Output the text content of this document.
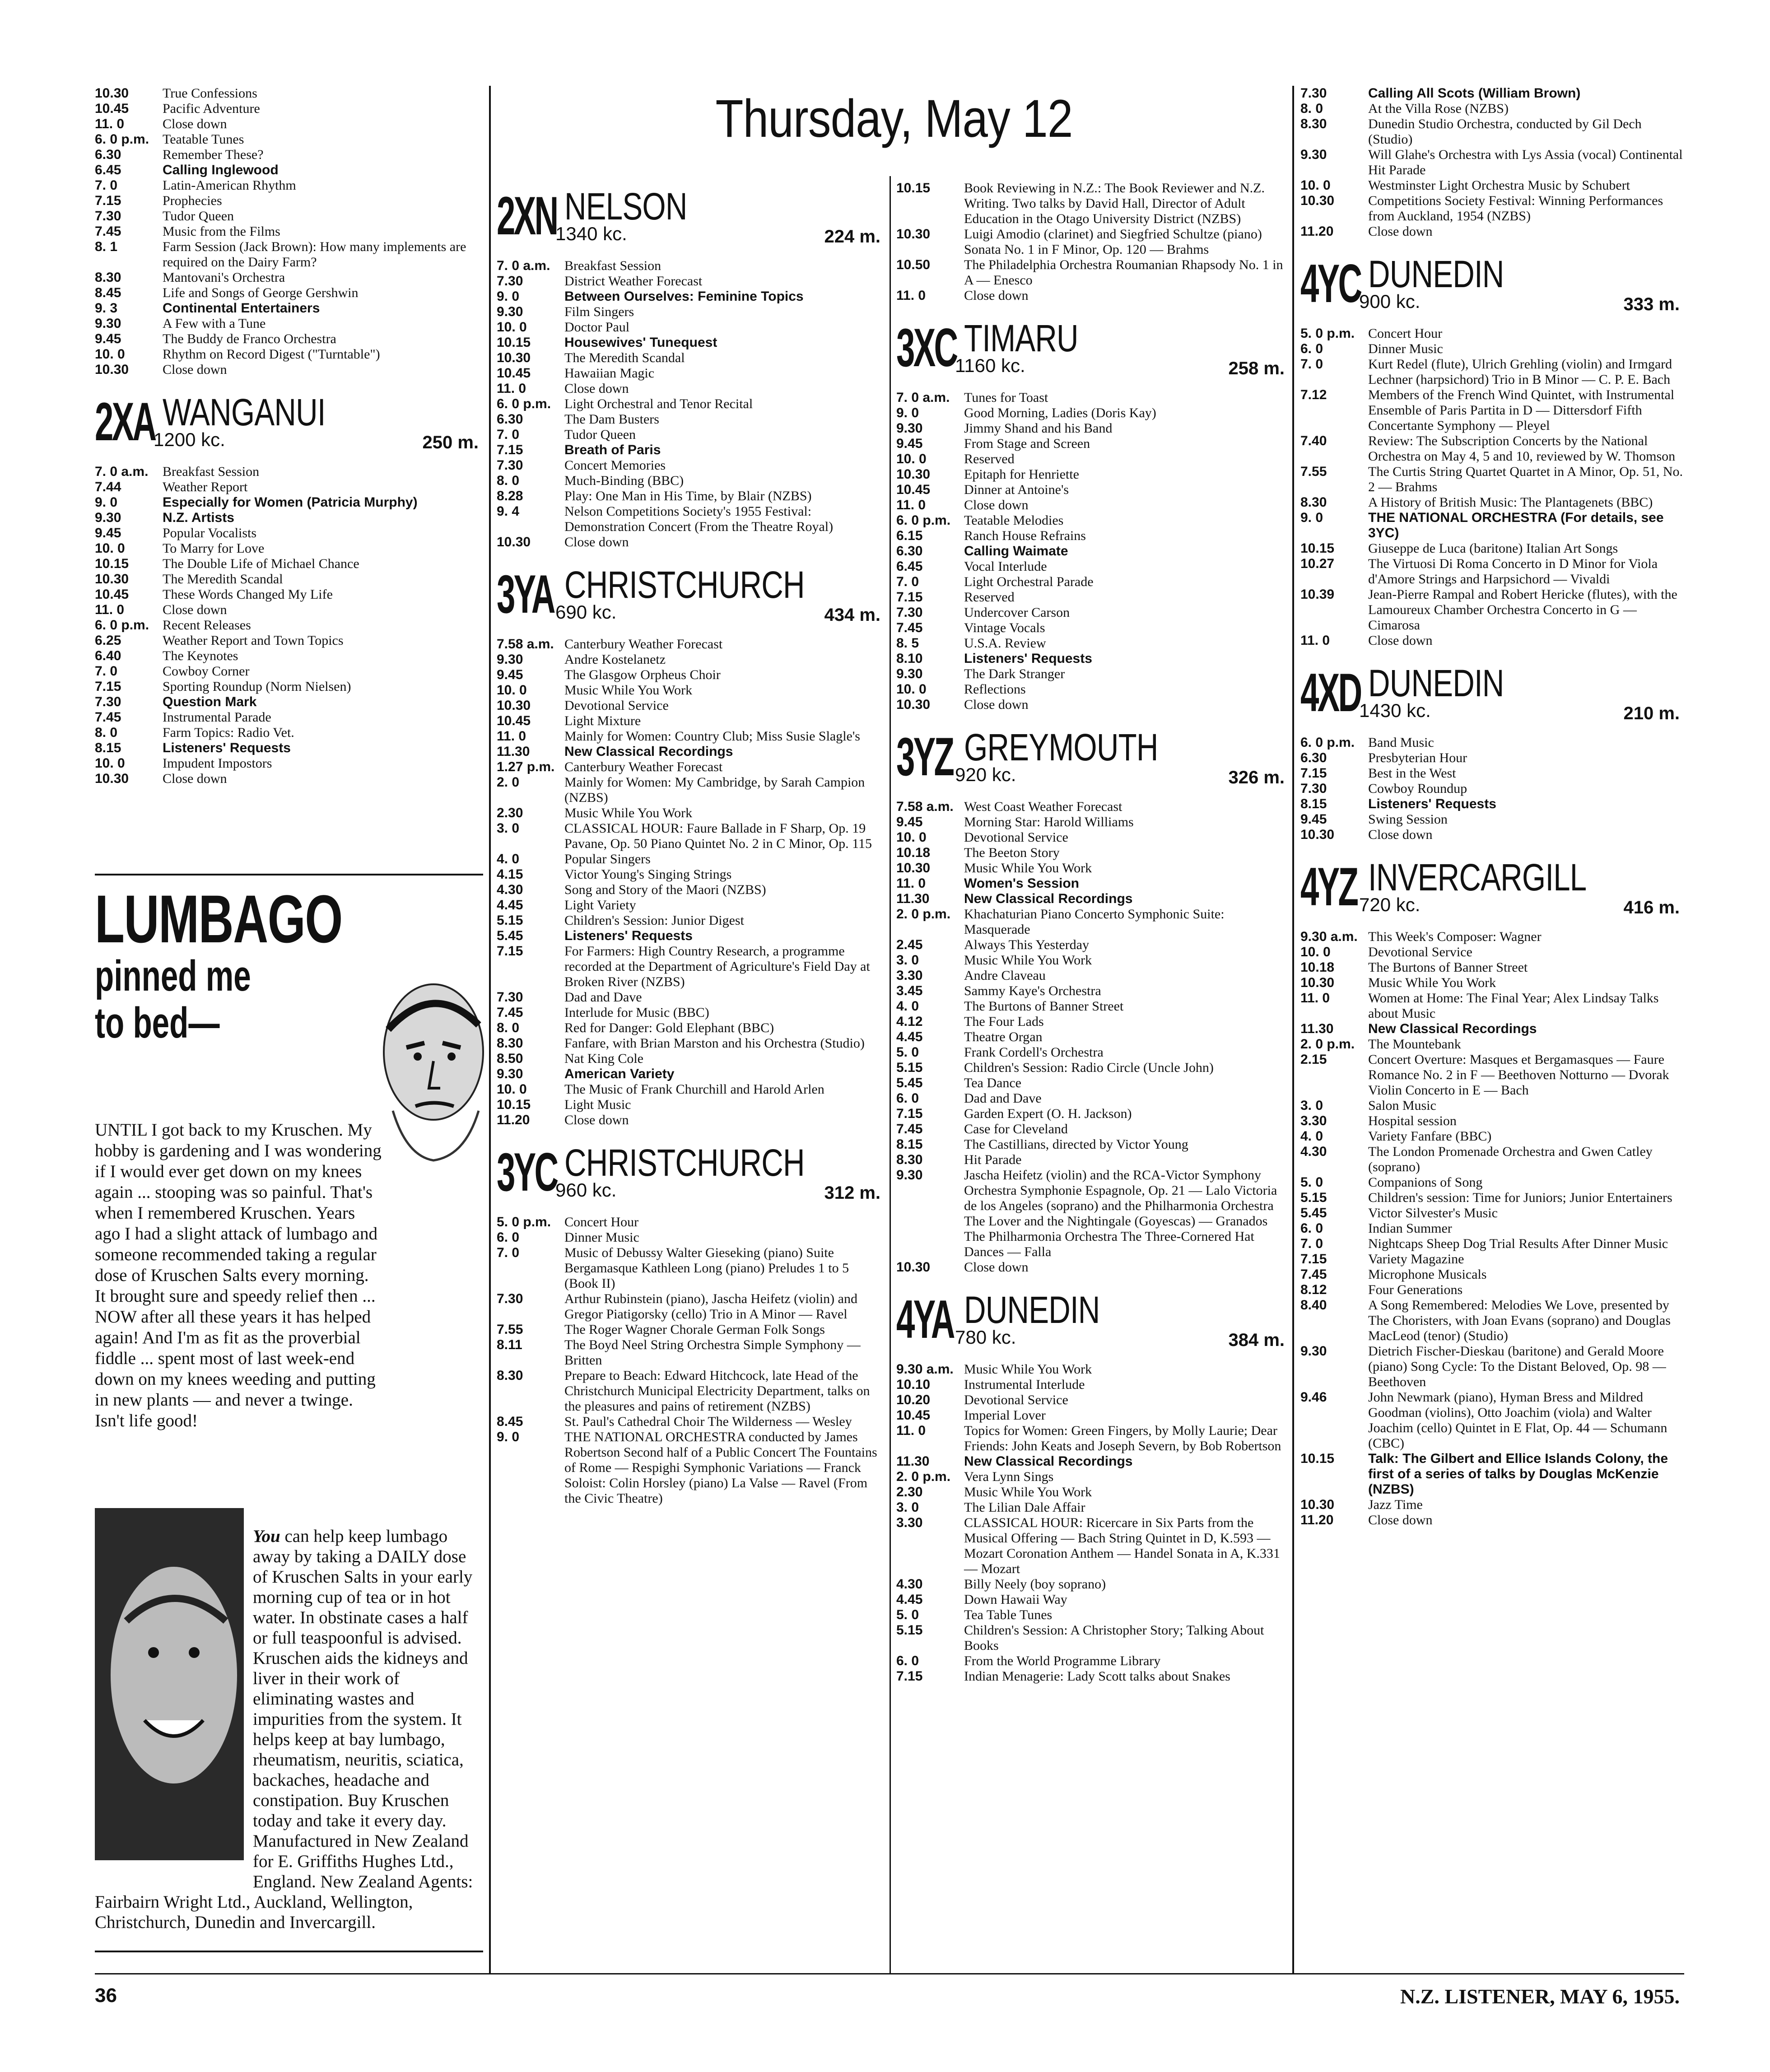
Thursday, May 12
10.30	True Confessions
10.45	Pacific Adventure
11. 0	Close down
6. 0 p.m. Teatable Tunes
6.30	Remember These?
6.45	Calling Inglewood
7. 0	Latin-American Rhythm
7.15	Prophecies
7.30	Tudor Queen
7.45	Music from the Films
8. 1	Farm Session (Jack Brown): How many implements are required on the Dairy Farm?
8.30	Mantovani's Orchestra
8.45	Life and Songs of George Gershwin
9. 3	Continental Entertainers
9.30	A Few with a Tune
9.45	The Buddy de Franco Orchestra
10. 0	Rhythm on Record Digest ("Turntable")
10.30	Close down
2XA WANGANUI
1200 kc.	250 m.
7. 0 a.m.	Breakfast Session
7.44	Weather Report
9. 0	Especially for Women (Patricia Murphy)
9.30	N.Z. Artists
9.45	Popular Vocalists
10. 0	To Marry for Love
10.15	The Double Life of Michael Chance
10.30	The Meredith Scandal
10.45	These Words Changed My Life
11. 0	Close down
6. 0 p.m. Recent Releases
6.25	Weather Report and Town Topics
6.40	The Keynotes
7. 0	Cowboy Corner
7.15	Sporting Roundup (Norm Nielsen)
7.30	Question Mark
7.45	Instrumental Parade
8. 0	Farm Topics: Radio Vet.
8.15	Listeners' Requests
10. 0	Impudent Impostors
10.30	Close down
LUMBAGO
pinned me
to bed—
UNTIL I got back to my Kruschen. My hobby is gardening and I was wondering if I would ever get down on my knees again ... stooping was so painful. That's when I remembered Kruschen. Years ago I had a slight attack of lumbago and someone recommended taking a regular dose of Kruschen Salts every morning. It brought sure and speedy relief then ... NOW after all these years it has helped again! And I'm as fit as the proverbial fiddle ... spent most of last week-end down on my knees weeding and putting in new plants — and never a twinge. Isn't life good!
You can help keep lumbago away by taking a DAILY dose of Kruschen Salts in your early morning cup of tea or in hot water. In obstinate cases a half or full teaspoonful is advised. Kruschen aids the kidneys and liver in their work of eliminating wastes and impurities from the system. It helps keep at bay lumbago, rheumatism, neuritis, sciatica, backaches, headache and constipation. Buy Kruschen today and take it every day. Manufactured in New Zealand for E. Griffiths Hughes Ltd., England. New Zealand Agents: Fairbairn Wright Ltd., Auckland, Wellington, Christchurch, Dunedin and Invercargill.
2XN NELSON
1340 kc.	224 m.
7. 0 a.m.	Breakfast Session
7.30	District Weather Forecast
9. 0	Between Ourselves: Feminine Topics
9.30	Film Singers
10. 0	Doctor Paul
10.15	Housewives' Tunequest
10.30	The Meredith Scandal
10.45	Hawaiian Magic
11. 0	Close down
6. 0 p.m. Light Orchestral and Tenor Recital
6.30	The Dam Busters
7. 0	Tudor Queen
7.15	Breath of Paris
7.30	Concert Memories
8. 0	Much-Binding (BBC)
8.28	Play: One Man in His Time, by Blair (NZBS)
9. 4	Nelson Competitions Society's 1955 Festival: Demonstration Concert (From the Theatre Royal)
10.30	Close down
3YA CHRISTCHURCH
690 kc.	434 m.
7.58 a.m. Canterbury Weather Forecast
9.30	Andre Kostelanetz
9.45	The Glasgow Orpheus Choir
10. 0	Music While You Work
10.30	Devotional Service
10.45	Light Mixture
11. 0	Mainly for Women: Country Club; Miss Susie Slagle's
11.30	New Classical Recordings
1.27 p.m. Canterbury Weather Forecast
2. 0	Mainly for Women: My Cambridge, by Sarah Campion (NZBS)
2.30	Music While You Work
3. 0	CLASSICAL HOUR: Faure Ballade in F Sharp, Op. 19 Pavane, Op. 50 Piano Quintet No. 2 in C Minor, Op. 115
4. 0	Popular Singers
4.15	Victor Young's Singing Strings
4.30	Song and Story of the Maori (NZBS)
4.45	Light Variety
5.15	Children's Session: Junior Digest
5.45	Listeners' Requests
7.15	For Farmers: High Country Research, a programme recorded at the Department of Agriculture's Field Day at Broken River (NZBS)
7.30	Dad and Dave
7.45	Interlude for Music (BBC)
8. 0	Red for Danger: Gold Elephant (BBC)
8.30	Fanfare, with Brian Marston and his Orchestra (Studio)
8.50	Nat King Cole
9.30	American Variety
10. 0	The Music of Frank Churchill and Harold Arlen
10.15	Light Music
11.20	Close down
3YC CHRISTCHURCH
960 kc.	312 m.
5. 0 p.m. Concert Hour
6. 0	Dinner Music
7. 0	Music of Debussy Walter Gieseking (piano) Suite Bergamasque Kathleen Long (piano) Preludes 1 to 5 (Book II)
7.30	Arthur Rubinstein (piano), Jascha Heifetz (violin) and Gregor Piatigorsky (cello) Trio in A Minor — Ravel
7.55	The Roger Wagner Chorale German Folk Songs
8.11	The Boyd Neel String Orchestra Simple Symphony — Britten
8.30	Prepare to Beach: Edward Hitchcock, late Head of the Christchurch Municipal Electricity Department, talks on the pleasures and pains of retirement (NZBS)
8.45	St. Paul's Cathedral Choir The Wilderness — Wesley
9. 0	THE NATIONAL ORCHESTRA conducted by James Robertson Second half of a Public Concert The Fountains of Rome — Respighi Symphonic Variations — Franck Soloist: Colin Horsley (piano) La Valse — Ravel (From the Civic Theatre)
10.15	Book Reviewing in N.Z.: The Book Reviewer and N.Z. Writing. Two talks by David Hall, Director of Adult Education in the Otago University District (NZBS)
10.30	Luigi Amodio (clarinet) and Siegfried Schultze (piano) Sonata No. 1 in F Minor, Op. 120 — Brahms
10.50	The Philadelphia Orchestra Roumanian Rhapsody No. 1 in A — Enesco
11. 0	Close down
3XC TIMARU
1160 kc.	258 m.
7. 0 a.m.	Tunes for Toast
9. 0	Good Morning, Ladies (Doris Kay)
9.30	Jimmy Shand and his Band
9.45	From Stage and Screen
10. 0	Reserved
10.30	Epitaph for Henriette
10.45	Dinner at Antoine's
11. 0	Close down
6. 0 p.m. Teatable Melodies
6.15	Ranch House Refrains
6.30	Calling Waimate
6.45	Vocal Interlude
7. 0	Light Orchestral Parade
7.15	Reserved
7.30	Undercover Carson
7.45	Vintage Vocals
8. 5	U.S.A. Review
8.10	Listeners' Requests
9.30	The Dark Stranger
10. 0	Reflections
10.30	Close down
3YZ GREYMOUTH
920 kc.	326 m.
7.58 a.m. West Coast Weather Forecast
9.45	Morning Star: Harold Williams
10. 0	Devotional Service
10.18	The Beeton Story
10.30	Music While You Work
11. 0	Women's Session
11.30	New Classical Recordings
2. 0 p.m. Khachaturian Piano Concerto Symphonic Suite: Masquerade
2.45	Always This Yesterday
3. 0	Music While You Work
3.30	Andre Claveau
3.45	Sammy Kaye's Orchestra
4. 0	The Burtons of Banner Street
4.12	The Four Lads
4.45	Theatre Organ
5. 0	Frank Cordell's Orchestra
5.15	Children's Session: Radio Circle (Uncle John)
5.45	Tea Dance
6. 0	Dad and Dave
7.15	Garden Expert (O. H. Jackson)
7.45	Case for Cleveland
8.15	The Castillians, directed by Victor Young
8.30	Hit Parade
9.30	Jascha Heifetz (violin) and the RCA-Victor Symphony Orchestra Symphonie Espagnole, Op. 21 — Lalo Victoria de los Angeles (soprano) and the Philharmonia Orchestra The Lover and the Nightingale (Goyescas) — Granados The Philharmonia Orchestra The Three-Cornered Hat Dances — Falla
10.30	Close down
4YA DUNEDIN
780 kc.	384 m.
9.30 a.m. Music While You Work
10.10	Instrumental Interlude
10.20	Devotional Service
10.45	Imperial Lover
11. 0	Topics for Women: Green Fingers, by Molly Laurie; Dear Friends: John Keats and Joseph Severn, by Bob Robertson
11.30	New Classical Recordings
2. 0 p.m. Vera Lynn Sings
2.30	Music While You Work
3. 0	The Lilian Dale Affair
3.30	CLASSICAL HOUR: Ricercare in Six Parts from the Musical Offering — Bach String Quintet in D, K.593 — Mozart Coronation Anthem — Handel Sonata in A, K.331 — Mozart
4.30	Billy Neely (boy soprano)
4.45	Down Hawaii Way
5. 0	Tea Table Tunes
5.15	Children's Session: A Christopher Story; Talking About Books
6. 0	From the World Programme Library
7.15	Indian Menagerie: Lady Scott talks about Snakes
7.30	Calling All Scots (William Brown)
8. 0	At the Villa Rose (NZBS)
8.30	Dunedin Studio Orchestra, conducted by Gil Dech (Studio)
9.30	Will Glahe's Orchestra with Lys Assia (vocal) Continental Hit Parade
10. 0	Westminster Light Orchestra Music by Schubert
10.30	Competitions Society Festival: Winning Performances from Auckland, 1954 (NZBS)
11.20	Close down
4YC DUNEDIN
900 kc.	333 m.
5. 0 p.m. Concert Hour
6. 0	Dinner Music
7. 0	Kurt Redel (flute), Ulrich Grehling (violin) and Irmgard Lechner (harpsichord) Trio in B Minor — C. P. E. Bach
7.12	Members of the French Wind Quintet, with Instrumental Ensemble of Paris Partita in D — Dittersdorf Fifth Concertante Symphony — Pleyel
7.40	Review: The Subscription Concerts by the National Orchestra on May 4, 5 and 10, reviewed by W. Thomson
7.55	The Curtis String Quartet Quartet in A Minor, Op. 51, No. 2 — Brahms
8.30	A History of British Music: The Plantagenets (BBC)
9. 0	THE NATIONAL ORCHESTRA (For details, see 3YC)
10.15	Giuseppe de Luca (baritone) Italian Art Songs
10.27	The Virtuosi Di Roma Concerto in D Minor for Viola d'Amore Strings and Harpsichord — Vivaldi
10.39	Jean-Pierre Rampal and Robert Hericke (flutes), with the Lamoureux Chamber Orchestra Concerto in G — Cimarosa
11. 0	Close down
4XD DUNEDIN
1430 kc.	210 m.
6. 0 p.m. Band Music
6.30	Presbyterian Hour
7.15	Best in the West
7.30	Cowboy Roundup
8.15	Listeners' Requests
9.45	Swing Session
10.30	Close down
4YZ INVERCARGILL
720 kc.	416 m.
9.30 a.m. This Week's Composer: Wagner
10. 0	Devotional Service
10.18	The Burtons of Banner Street
10.30	Music While You Work
11. 0	Women at Home: The Final Year; Alex Lindsay Talks about Music
11.30	New Classical Recordings
2. 0 p.m. The Mountebank
2.15	Concert Overture: Masques et Bergamasques — Faure Romance No. 2 in F — Beethoven Notturno — Dvorak Violin Concerto in E — Bach
3. 0	Salon Music
3.30	Hospital session
4. 0	Variety Fanfare (BBC)
4.30	The London Promenade Orchestra and Gwen Catley (soprano)
5. 0	Companions of Song
5.15	Children's session: Time for Juniors; Junior Entertainers
5.45	Victor Silvester's Music
6. 0	Indian Summer
7. 0	Nightcaps Sheep Dog Trial Results After Dinner Music
7.15	Variety Magazine
7.45	Microphone Musicals
8.12	Four Generations
8.40	A Song Remembered: Melodies We Love, presented by The Choristers, with Joan Evans (soprano) and Douglas MacLeod (tenor) (Studio)
9.30	Dietrich Fischer-Dieskau (baritone) and Gerald Moore (piano) Song Cycle: To the Distant Beloved, Op. 98 — Beethoven
9.46	John Newmark (piano), Hyman Bress and Mildred Goodman (violins), Otto Joachim (viola) and Walter Joachim (cello) Quintet in E Flat, Op. 44 — Schumann (CBC)
10.15	Talk: The Gilbert and Ellice Islands Colony, the first of a series of talks by Douglas McKenzie (NZBS)
10.30	Jazz Time
11.20	Close down
36	N.Z. LISTENER, MAY 6, 1955.
